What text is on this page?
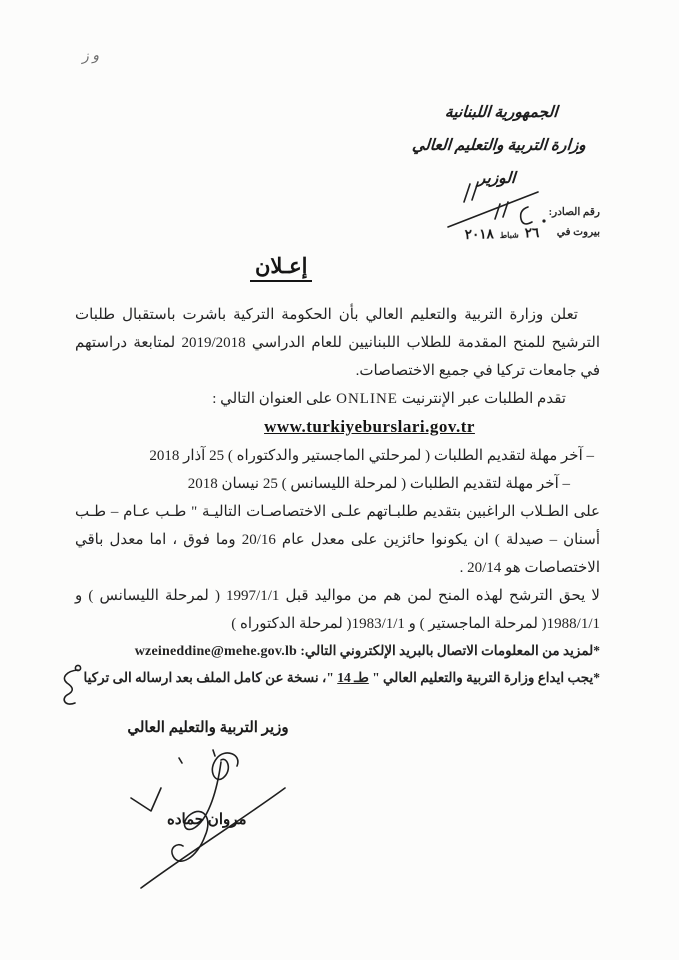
و ز
الجمهورية اللبنانية
وزارة التربية والتعليم العالي
الوزير
رقم الصادر:
بيروت في
٢٦
شباط
٢٠١٨
إعـلان

تعلن وزارة التربية والتعليم العالي بأن الحكومة التركية باشرت باستقبال طلبات الترشيح للمنح المقدمة للطلاب اللبنانيين للعام الدراسي 2019/2018 لمتابعة دراستهم في جامعات تركيا في جميع الاختصاصات.

تقدم الطلبات عبر الإنترنيت ONLINE على العنوان التالي :

www.turkiyeburslari.gov.tr

– آخر مهلة لتقديم الطلبات ( لمرحلتي الماجستير والدكتوراه ) 25 آذار 2018

– آخر مهلة لتقديم الطلبات ( لمرحلة الليسانس ) 25 نيسان 2018

على الطـلاب الراغبين بتقديم طلبـاتهم علـى الاختصاصـات التاليـة " طـب عـام – طـب أسنان – صيدلة ) ان يكونوا حائزين على معدل عام 20/16 وما فوق ، اما معدل باقي الاختصاصات هو 20/14 .

لا يحق الترشح لهذه المنح لمن هم من مواليد قبل 1997/1/1 ( لمرحلة الليسانس ) و 1988/1/1( لمرحلة الماجستير ) و 1983/1/1( لمرحلة الدكتوراه )

*لمزيد من المعلومات الاتصال بالبريد الإلكتروني التالي: wzeineddine@mehe.gov.lb

*يجب ايداع وزارة التربية والتعليم العالي " طـ 14 "، نسخة عن كامل الملف بعد ارساله الى تركيا

وزير التربية والتعليم العالي
مروان حماده
